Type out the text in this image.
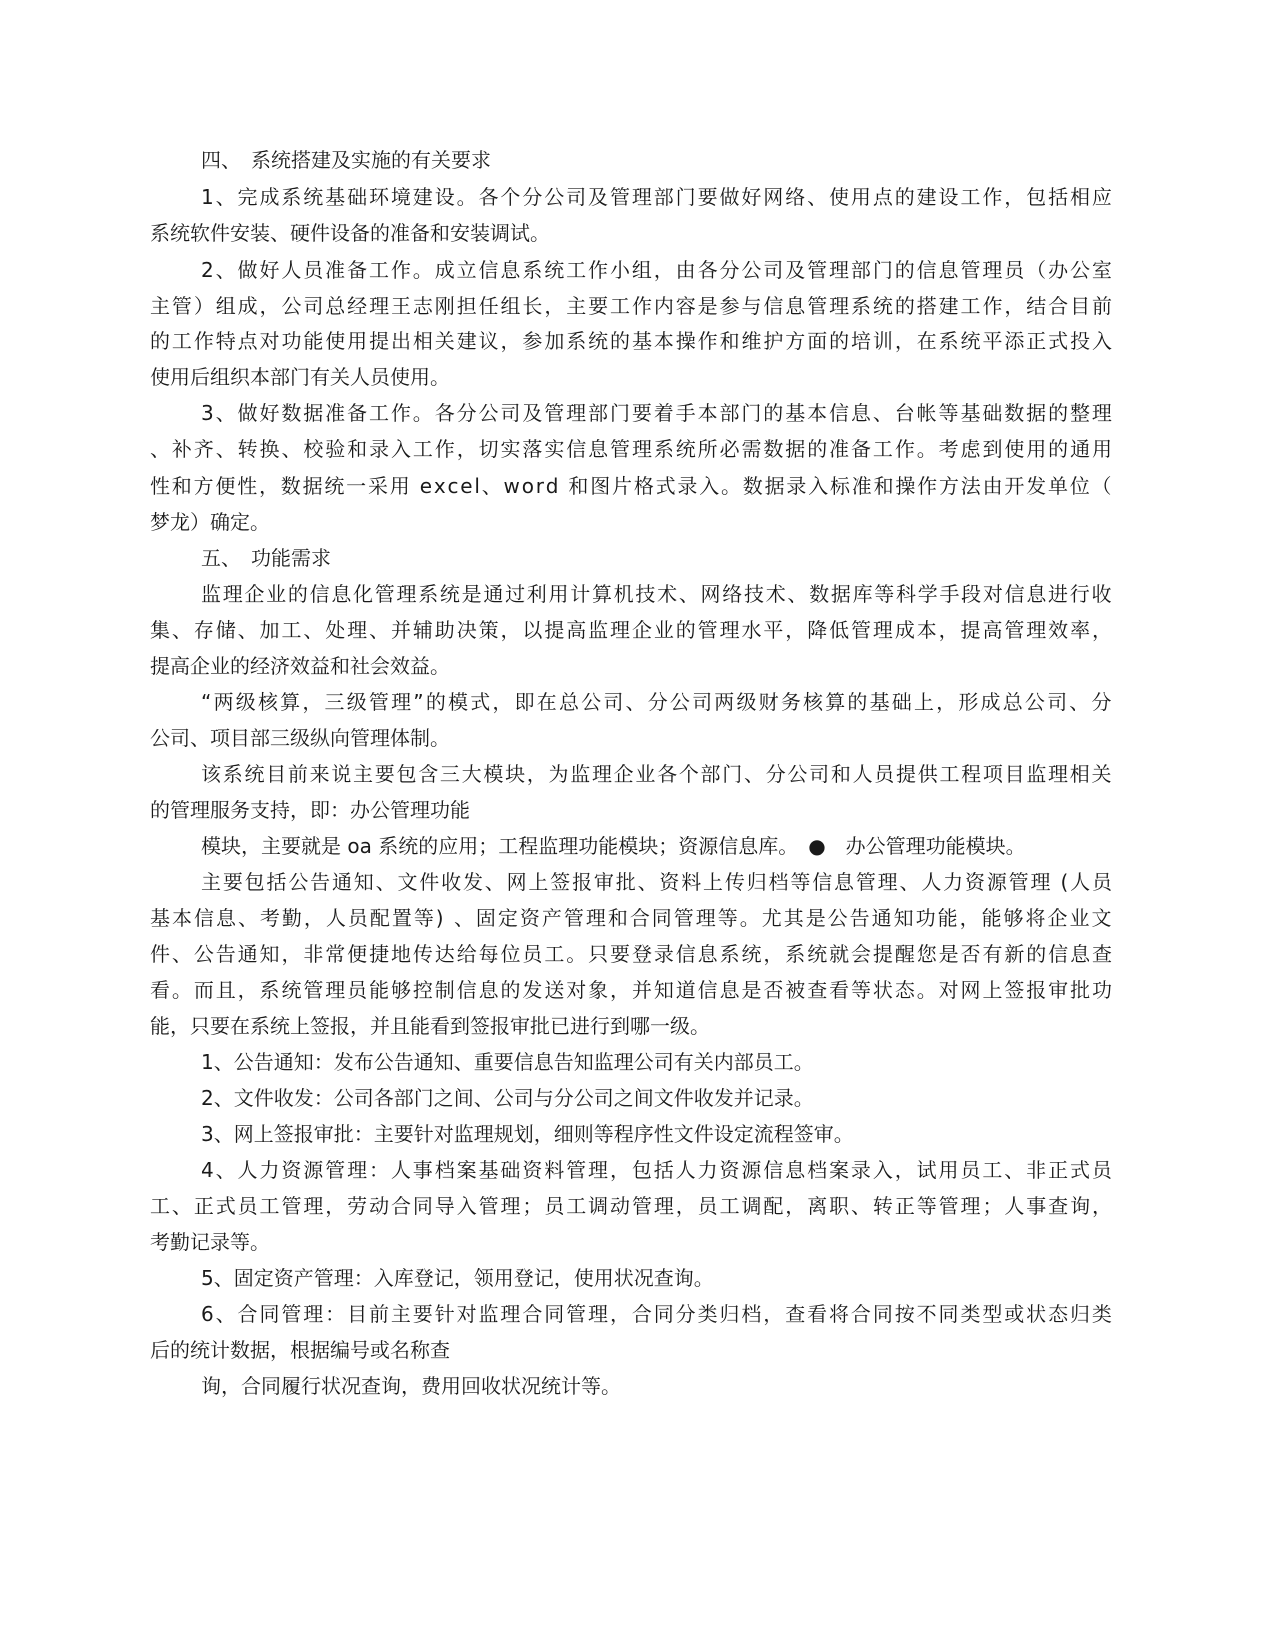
四、　系统搭建及实施的有关要求
1 、 完 成 系 统 基 础 环 境 建 设 。 各 个 分 公 司 及 管 理 部 门 要 做 好 网 络 、 使 用 点 的 建 设 工 作 ， 包 括 相 应
系统软件安装、硬件设备的准备和安装调试。
2 、 做 好 人 员 准 备 工 作 。 成 立 信 息 系 统 工 作 小 组 ， 由 各 分 公 司 及 管 理 部 门 的 信 息 管 理 员 （ 办 公 室
主 管 ） 组 成 ， 公 司 总 经 理 王 志 刚 担 任 组 长 ， 主 要 工 作 内 容 是 参 与 信 息 管 理 系 统 的 搭 建 工 作 ， 结 合 目 前
的 工 作 特 点 对 功 能 使 用 提 出 相 关 建 议 ， 参 加 系 统 的 基 本 操 作 和 维 护 方 面 的 培 训 ， 在 系 统 平 添 正 式 投 入
使用后组织本部门有关人员使用。
3 、 做 好 数 据 准 备 工 作 。 各 分 公 司 及 管 理 部 门 要 着 手 本 部 门 的 基 本 信 息 、 台 帐 等 基 础 数 据 的 整 理
、 补 齐 、 转 换 、 校 验 和 录 入 工 作 ， 切 实 落 实 信 息 管 理 系 统 所 必 需 数 据 的 准 备 工 作 。 考 虑 到 使 用 的 通 用
性 和 方 便 性 ， 数 据 统 一 采 用
e x c e l 、 w o r d
和 图 片 格 式 录 入 。 数 据 录 入 标 准 和 操 作 方 法 由 开 发 单 位 （
梦龙）确定。
五、　功能需求
监 理 企 业 的 信 息 化 管 理 系 统 是 通 过 利 用 计 算 机 技 术 、 网 络 技 术 、 数 据 库 等 科 学 手 段 对 信 息 进 行 收
集 、 存 储 、 加 工 、 处 理 、 并 辅 助 决 策 ， 以 提 高 监 理 企 业 的 管 理 水 平 ， 降 低 管 理 成 本 ， 提 高 管 理 效 率 ，
提高企业的经济效益和社会效益。
“ 两 级 核 算 ， 三 级 管 理 ” 的 模 式 ， 即 在 总 公 司 、 分 公 司 两 级 财 务 核 算 的 基 础 上 ， 形 成 总 公 司 、 分
公司、项目部三级纵向管理体制。
该 系 统 目 前 来 说 主 要 包 含 三 大 模 块 ， 为 监 理 企 业 各 个 部 门 、 分 公 司 和 人 员 提 供 工 程 项 目 监 理 相 关
的管理服务支持，即：办公管理功能
模块，主要就是 oa 系统的应用；工程监理功能模块；资源信息库。　●　办公管理功能模块。
主 要 包 括 公 告 通 知 、 文 件 收 发 、 网 上 签 报 审 批 、 资 料 上 传 归 档 等 信 息 管 理 、 人 力 资 源 管 理
( 人 员
基 本 信 息 、 考 勤 ， 人 员 配 置 等 )
、 固 定 资 产 管 理 和 合 同 管 理 等 。 尤 其 是 公 告 通 知 功 能 ， 能 够 将 企 业 文
件 、 公 告 通 知 ， 非 常 便 捷 地 传 达 给 每 位 员 工 。 只 要 登 录 信 息 系 统 ， 系 统 就 会 提 醒 您 是 否 有 新 的 信 息 查
看 。 而 且 ， 系 统 管 理 员 能 够 控 制 信 息 的 发 送 对 象 ， 并 知 道 信 息 是 否 被 查 看 等 状 态 。 对 网 上 签 报 审 批 功
能，只要在系统上签报，并且能看到签报审批已进行到哪一级。
1、公告通知：发布公告通知、重要信息告知监理公司有关内部员工。
2、文件收发：公司各部门之间、公司与分公司之间文件收发并记录。
3、网上签报审批：主要针对监理规划，细则等程序性文件设定流程签审。
4 、 人 力 资 源 管 理 ： 人 事 档 案 基 础 资 料 管 理 ， 包 括 人 力 资 源 信 息 档 案 录 入 ， 试 用 员 工 、 非 正 式 员
工 、 正 式 员 工 管 理 ， 劳 动 合 同 导 入 管 理 ； 员 工 调 动 管 理 ， 员 工 调 配 ， 离 职 、 转 正 等 管 理 ； 人 事 查 询 ，
考勤记录等。
5、固定资产管理：入库登记，领用登记，使用状况查询。
6 、 合 同 管 理 ： 目 前 主 要 针 对 监 理 合 同 管 理 ， 合 同 分 类 归 档 ， 查 看 将 合 同 按 不 同 类 型 或 状 态 归 类
后的统计数据，根据编号或名称查
询，合同履行状况查询，费用回收状况统计等。
